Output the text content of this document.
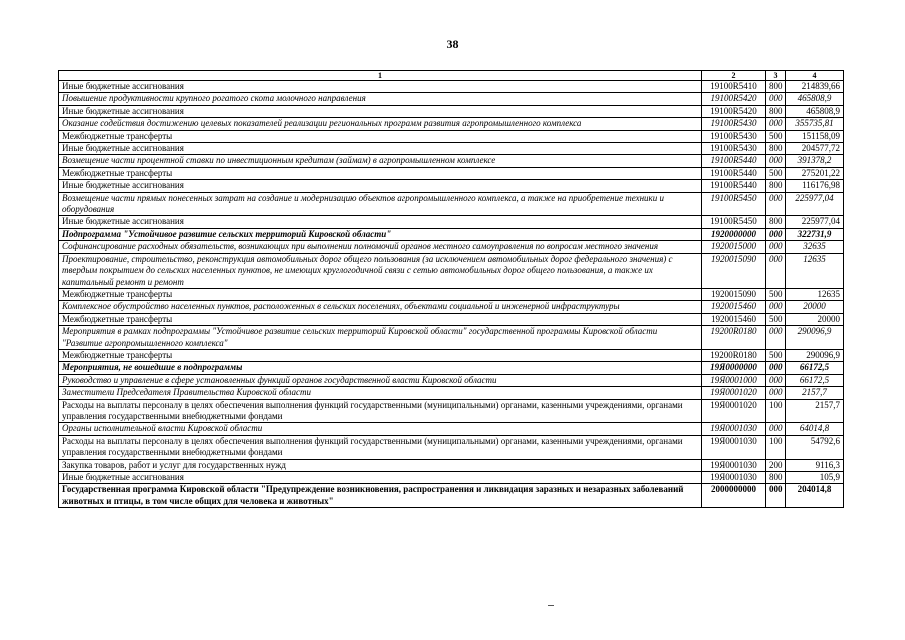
38
1	2	3	4
Иные бюджетные ассигнования	19100R5410	800	214839,66
Повышение продуктивности крупного рогатого скота молочного направления	19100R5420	000	465808,9
Иные бюджетные ассигнования	19100R5420	800	465808,9
Оказание содействия достижению целевых показателей реализации региональных программ развития агропромышленного комплекса	19100R5430	000	355735,81
Межбюджетные трансферты	19100R5430	500	151158,09
Иные бюджетные ассигнования	19100R5430	800	204577,72
Возмещение части процентной ставки по инвестиционным кредитам (займам) в агропромышленном комплексе	19100R5440	000	391378,2
Межбюджетные трансферты	19100R5440	500	275201,22
Иные бюджетные ассигнования	19100R5440	800	116176,98
Возмещение части прямых понесенных затрат на создание и модернизацию объектов агропромышленного комплекса, а также на приобретение техники и оборудования	19100R5450	000	225977,04
Иные бюджетные ассигнования	19100R5450	800	225977,04
Подпрограмма "Устойчивое развитие сельских территорий Кировской области"	1920000000	000	322731,9
Софинансирование расходных обязательств, возникающих при выполнении полномочий органов местного самоуправления по вопросам местного значения	1920015000	000	32635
Проектирование, строительство, реконструкция автомобильных дорог общего пользования (за исключением автомобильных дорог федерального значения) с твердым покрытием до сельских населенных пунктов, не имеющих круглогодичной связи с сетью автомобильных дорог общего пользования, а также их капитальный ремонт и ремонт	1920015090	000	12635
Межбюджетные трансферты	1920015090	500	12635
Комплексное обустройство населенных пунктов, расположенных в сельских поселениях, объектами социальной и инженерной инфраструктуры	1920015460	000	20000
Межбюджетные трансферты	1920015460	500	20000
Мероприятия в рамках подпрограммы "Устойчивое развитие сельских территорий Кировской области" государственной программы Кировской области "Развитие агропромышленного комплекса"	19200R0180	000	290096,9
Межбюджетные трансферты	19200R0180	500	290096,9
Мероприятия, не вошедшие в подпрограммы	19Я0000000	000	66172,5
Руководство и управление в сфере установленных функций органов государственной власти Кировской области	19Я0001000	000	66172,5
Заместители Председателя Правительства Кировской области	19Я0001020	000	2157,7
Расходы на выплаты персоналу в целях обеспечения выполнения функций государственными (муниципальными) органами, казенными учреждениями, органами управления государственными внебюджетными фондами	19Я0001020	100	2157,7
Органы исполнительной власти Кировской области	19Я0001030	000	64014,8
Расходы на выплаты персоналу в целях обеспечения выполнения функций государственными (муниципальными) органами, казенными учреждениями, органами управления государственными внебюджетными фондами	19Я0001030	100	54792,6
Закупка товаров, работ и услуг для государственных нужд	19Я0001030	200	9116,3
Иные бюджетные ассигнования	19Я0001030	800	105,9
Государственная программа Кировской области "Предупреждение возникновения, распространения и ликвидация заразных и незаразных заболеваний животных и птицы, в том числе общих для человека и животных"	2000000000	000	204014,8
